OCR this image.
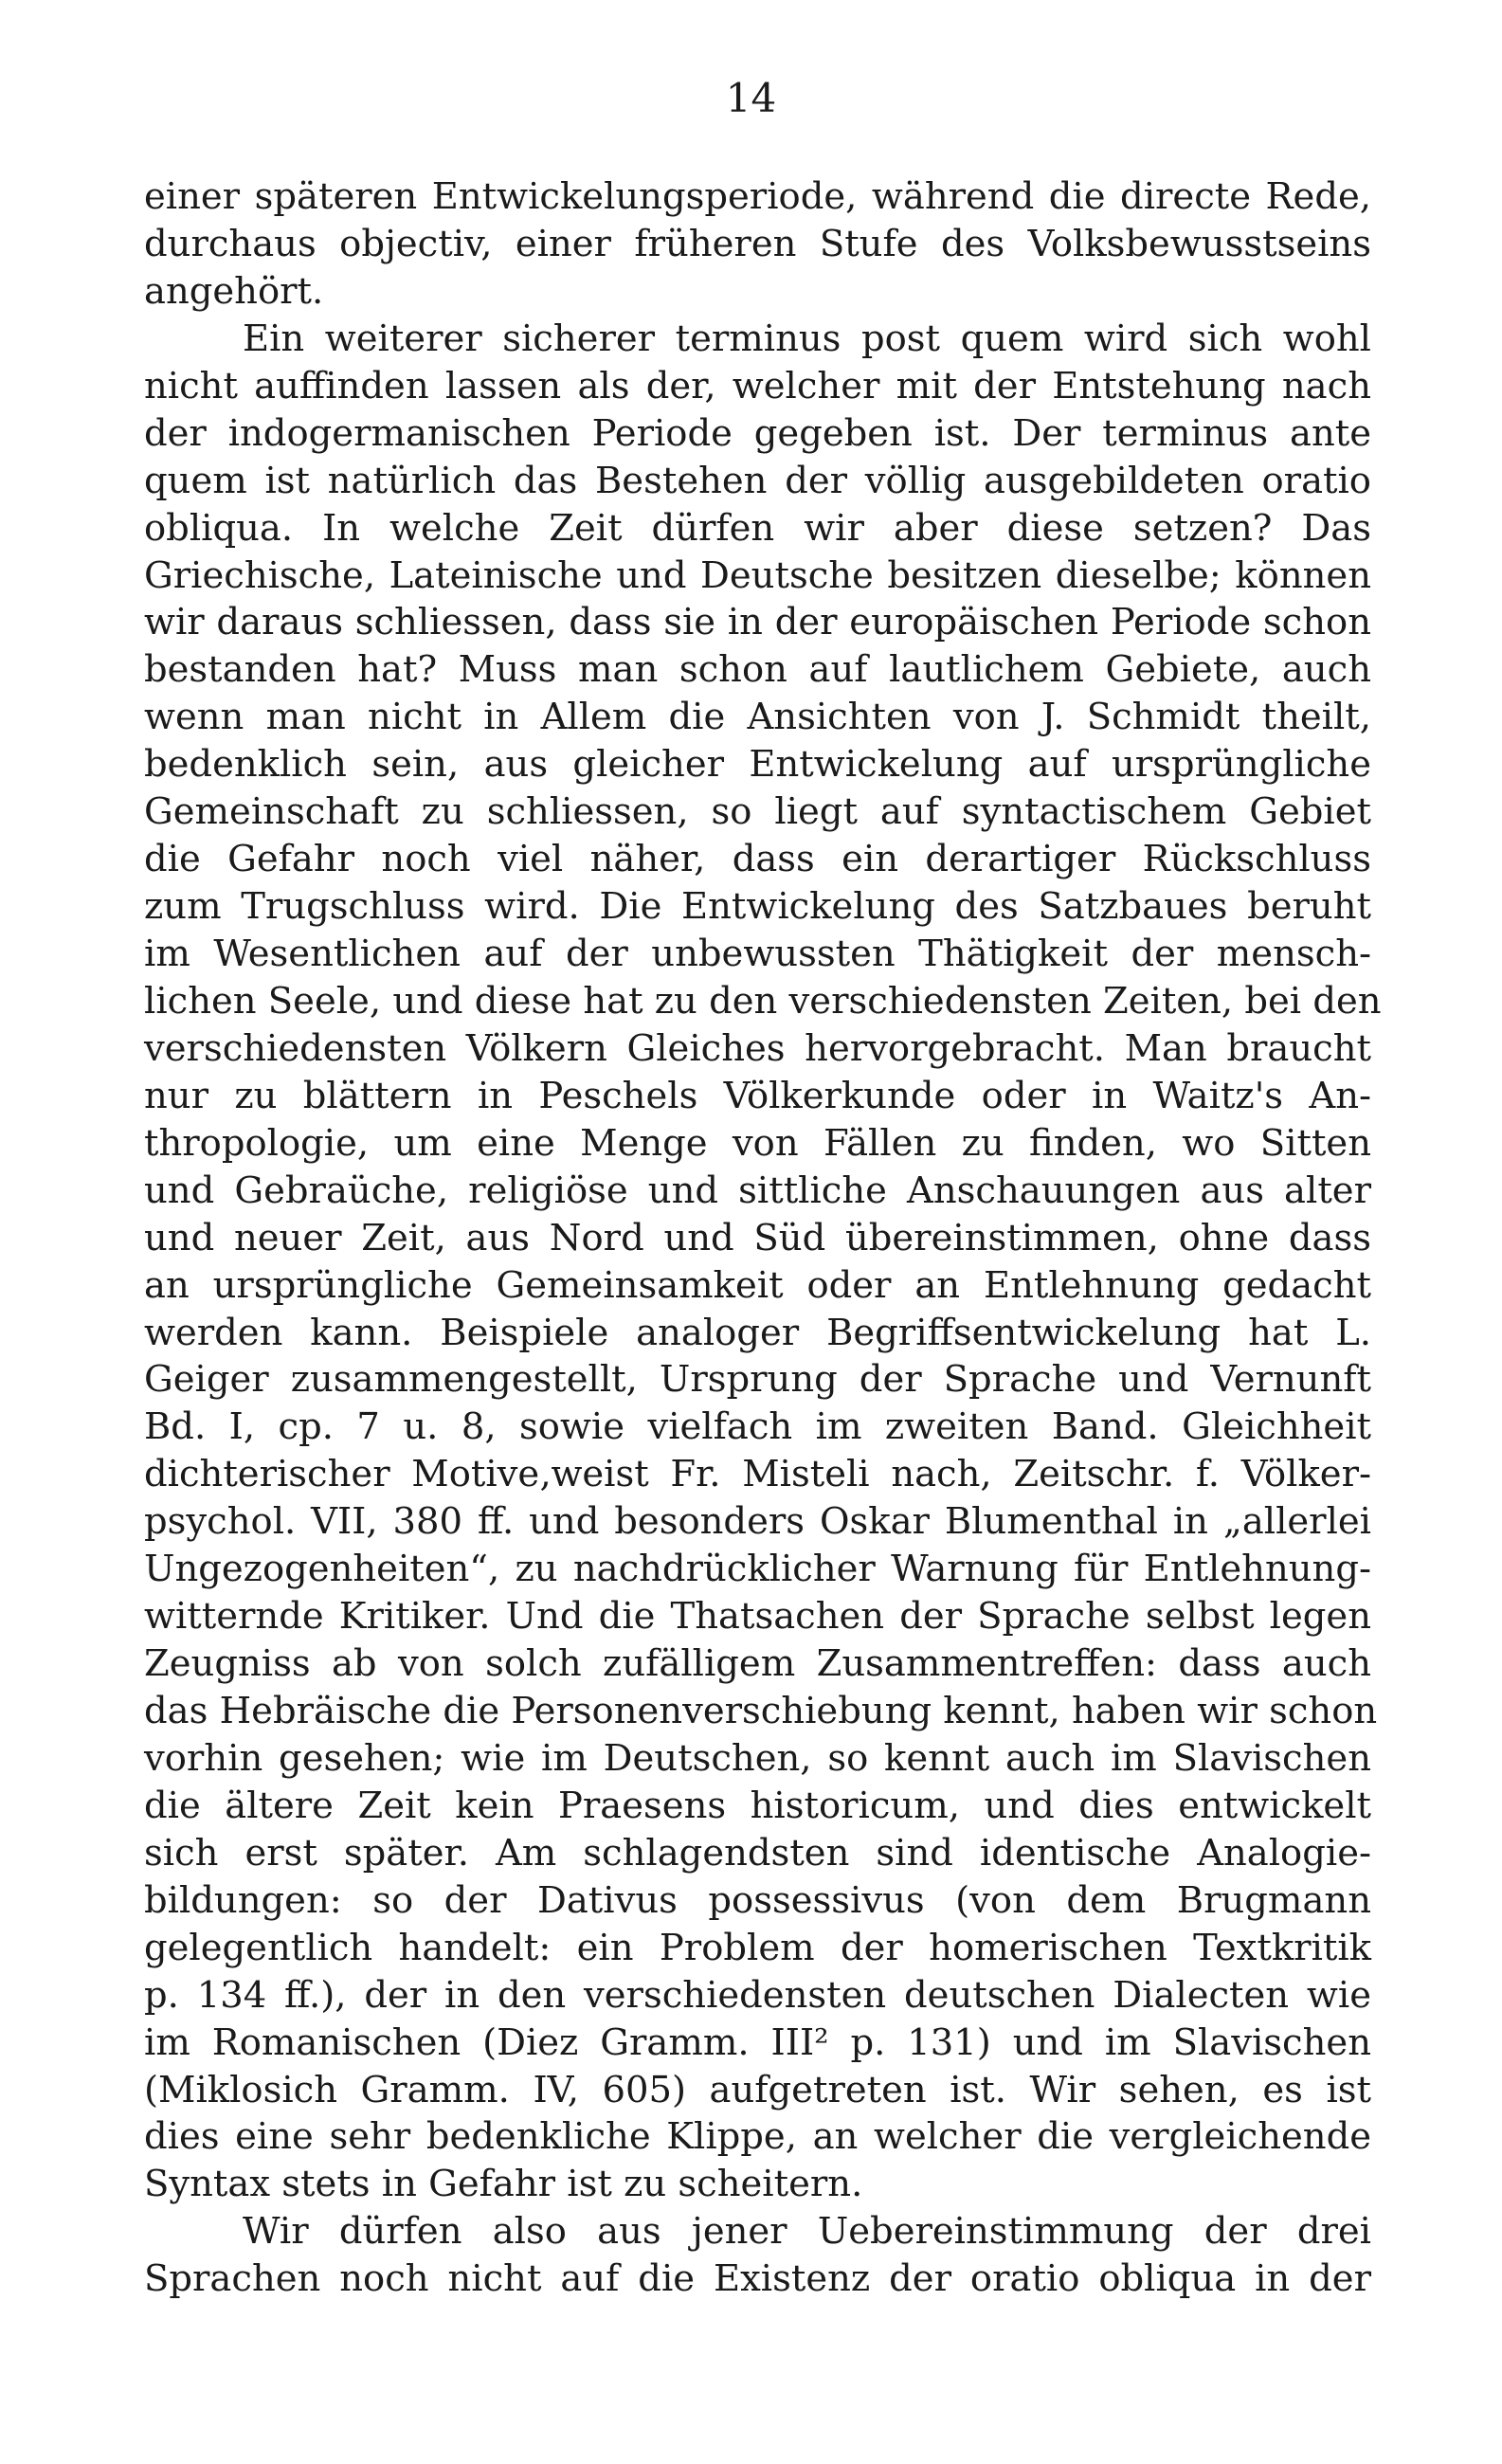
14
einer späteren Entwickelungsperiode, während die directe Rede,
durchaus objectiv, einer früheren Stufe des Volksbewusstseins
angehört.
Ein weiterer sicherer terminus post quem wird sich wohl
nicht auffinden lassen als der, welcher mit der Entstehung nach
der indogermanischen Periode gegeben ist. Der terminus ante
quem ist natürlich das Bestehen der völlig ausgebildeten oratio
obliqua. In welche Zeit dürfen wir aber diese setzen? Das
Griechische, Lateinische und Deutsche besitzen dieselbe; können
wir daraus schliessen, dass sie in der europäischen Periode schon
bestanden hat? Muss man schon auf lautlichem Gebiete, auch
wenn man nicht in Allem die Ansichten von J. Schmidt theilt,
bedenklich sein, aus gleicher Entwickelung auf ursprüngliche
Gemeinschaft zu schliessen, so liegt auf syntactischem Gebiet
die Gefahr noch viel näher, dass ein derartiger Rückschluss
zum Trugschluss wird. Die Entwickelung des Satzbaues beruht
im Wesentlichen auf der unbewussten Thätigkeit der mensch-
lichen Seele, und diese hat zu den verschiedensten Zeiten, bei den
verschiedensten Völkern Gleiches hervorgebracht. Man braucht
nur zu blättern in Peschels Völkerkunde oder in Waitz's An-
thropologie, um eine Menge von Fällen zu finden, wo Sitten
und Gebraüche, religiöse und sittliche Anschauungen aus alter
und neuer Zeit, aus Nord und Süd übereinstimmen, ohne dass
an ursprüngliche Gemeinsamkeit oder an Entlehnung gedacht
werden kann. Beispiele analoger Begriffsentwickelung hat L.
Geiger zusammengestellt, Ursprung der Sprache und Vernunft
Bd. I, cp. 7 u. 8, sowie vielfach im zweiten Band. Gleichheit
dichterischer Motive‚weist Fr. Misteli nach, Zeitschr. f. Völker-
psychol. VII, 380 ff. und besonders Oskar Blumenthal in „allerlei
Ungezogenheiten“, zu nachdrücklicher Warnung für Entlehnung-
witternde Kritiker. Und die Thatsachen der Sprache selbst legen
Zeugniss ab von solch zufälligem Zusammentreffen: dass auch
das Hebräische die Personenverschiebung kennt, haben wir schon
vorhin gesehen; wie im Deutschen, so kennt auch im Slavischen
die ältere Zeit kein Praesens historicum, und dies entwickelt
sich erst später. Am schlagendsten sind identische Analogie-
bildungen: so der Dativus possessivus (von dem Brugmann
gelegentlich handelt: ein Problem der homerischen Textkritik
p. 134 ff.), der in den verschiedensten deutschen Dialecten wie
im Romanischen (Diez Gramm. III² p. 131) und im Slavischen
(Miklosich Gramm. IV, 605) aufgetreten ist. Wir sehen, es ist
dies eine sehr bedenkliche Klippe, an welcher die vergleichende
Syntax stets in Gefahr ist zu scheitern.
Wir dürfen also aus jener Uebereinstimmung der drei
Sprachen noch nicht auf die Existenz der oratio obliqua in der
